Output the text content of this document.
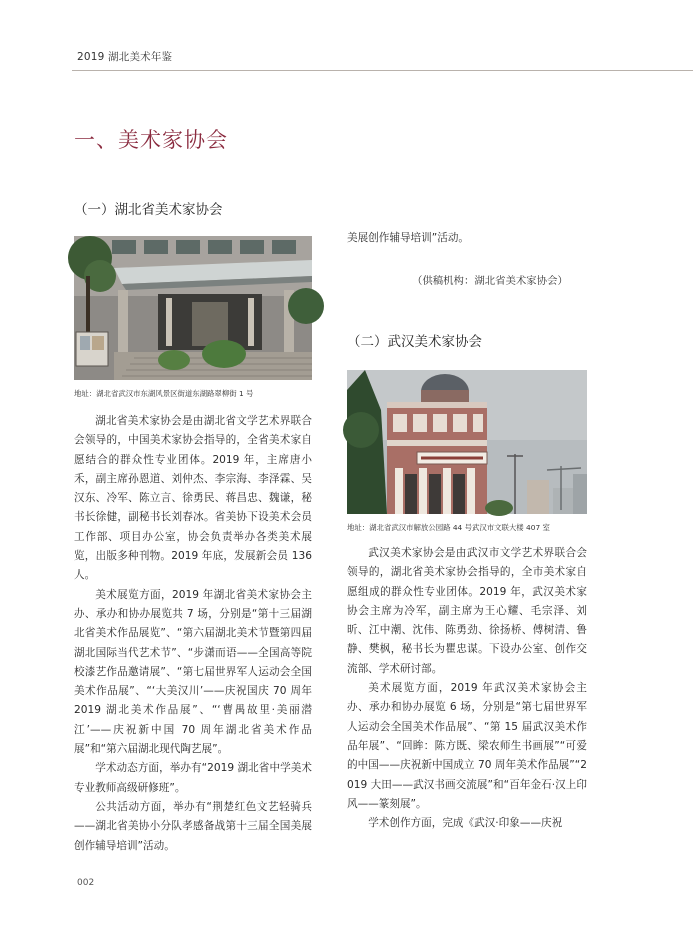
2019 湖北美术年鉴
一、美术家协会
（一）湖北省美术家协会
地址：湖北省武汉市东湖风景区街道东湖路翠柳街 1 号

湖北省美术家协会是由湖北省文学艺术界联合会领导的，中国美术家协会指导的，全省美术家自愿结合的群众性专业团体。2019 年，主席唐小禾，副主席孙恩道、刘仲杰、李宗海、李泽霖、吴汉东、冷军、陈立言、徐勇民、蒋昌忠、魏谦，秘书长徐健，副秘书长刘春冰。省美协下设美术会员工作部、项目办公室，协会负责举办各类美术展览，出版多种刊物。2019 年底，发展新会员 136 人。

美术展览方面，2019 年湖北省美术家协会主办、承办和协办展览共 7 场，分别是“第十三届湖北省美术作品展览”、“第六届湖北美术节暨第四届湖北国际当代艺术节”、“步潇而语——全国高等院校漆艺作品邀请展”、“第七届世界军人运动会全国美术作品展”、“‘大美汉川’——庆祝国庆 70 周年 2019 湖北美术作品展”、“‘曹禺故里·美丽潜江’——庆祝新中国 70 周年湖北省美术作品展”和“第六届湖北现代陶艺展”。

学术动态方面，举办有“2019 湖北省中学美术专业教师高级研修班”。

公共活动方面，举办有“荆楚红色文艺轻骑兵——湖北省美协小分队孝感备战第十三届全国美展创作辅导培训”活动。

美展创作辅导培训”活动。

（供稿机构：湖北省美术家协会）
（二）武汉美术家协会
地址：湖北省武汉市解放公园路 44 号武汉市文联大楼 407 室

武汉美术家协会是由武汉市文学艺术界联合会领导的，湖北省美术家协会指导的，全市美术家自愿组成的群众性专业团体。2019 年，武汉美术家协会主席为冷军，副主席为王心耀、毛宗泽、刘昕、江中潮、沈伟、陈勇劲、徐扬桥、傅树清、鲁静、樊枫，秘书长为瞿忠谋。下设办公室、创作交流部、学术研讨部。

美术展览方面，2019 年武汉美术家协会主办、承办和协办展览 6 场，分别是“第七届世界军人运动会全国美术作品展”、“第 15 届武汉美术作品年展”、“回眸：陈方既、梁农师生书画展”“可爱的中国——庆祝新中国成立 70 周年美术作品展”“2019 大田——武汉书画交流展”和“百年金石·汉上印风——篆刻展”。

学术创作方面，完成《武汉·印象——庆祝

002
